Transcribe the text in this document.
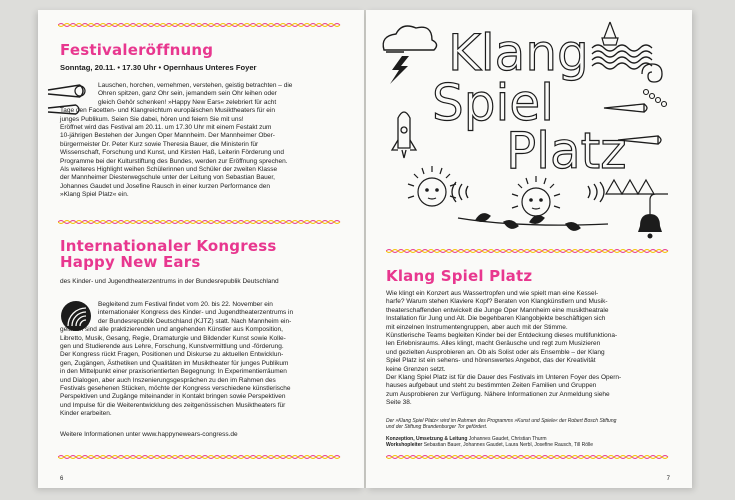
Festivaleröffnung

Sonntag, 20.11. • 17.30 Uhr • Opernhaus Unteres Foyer

Lauschen, horchen, vernehmen, verstehen, geistig betrachten – die

Ohren spitzen, ganz Ohr sein, jemandem sein Ohr leihen oder

gleich Gehör schenken! »Happy New Ears« zelebriert für acht

Tage den Facetten- und Klangreichtum europäischen Musiktheaters für ein

junges Publikum. Seien Sie dabei, hören und feiern Sie mit uns!

Eröffnet wird das Festival am 20.11. um 17.30 Uhr mit einem Festakt zum

10-jährigen Bestehen der Jungen Oper Mannheim. Der Mannheimer Ober-

bürgermeister Dr. Peter Kurz sowie Theresia Bauer, die Ministerin für

Wissenschaft, Forschung und Kunst, und Kirsten Haß, Leiterin Förderung und

Programme bei der Kulturstiftung des Bundes, werden zur Eröffnung sprechen.

Als weiteres Highlight weihen Schülerinnen und Schüler der zweiten Klasse

der Mannheimer Diesterwegschule unter der Leitung von Sebastian Bauer,

Johannes Gaudet und Josefine Rausch in einer kurzen Performance den

»Klang Spiel Platz« ein.

Internationaler Kongress
Happy New Ears

des Kinder- und Jugendtheaterzentrums in der Bundesrepublik Deutschland

Begleitend zum Festival findet vom 20. bis 22. November ein

internationaler Kongress des Kinder- und Jugendtheaterzentrums in

der Bundesrepublik Deutschland (KJTZ) statt. Nach Mannheim ein-

geladen sind alle praktizierenden und angehenden Künstler aus Komposition,

Libretto, Musik, Gesang, Regie, Dramaturgie und Bildender Kunst sowie Kolle-

gen und Studierende aus Lehre, Forschung, Kunstvermittlung und -förderung.

Der Kongress rückt Fragen, Positionen und Diskurse zu aktuellen Entwicklun-

gen, Zugängen, Ästhetiken und Qualitäten im Musiktheater für junges Publikum

in den Mittelpunkt einer praxisorientierten Begegnung: In Experimentierräumen

und Dialogen, aber auch Inszenierungsgesprächen zu den im Rahmen des

Festivals gesehenen Stücken, möchte der Kongress verschiedene künstlerische

Perspektiven und Zugänge miteinander in Kontakt bringen sowie Perspektiven

und Impulse für die Weiterentwicklung des zeitgenössischen Musiktheaters für

Kinder erarbeiten.

Weitere Informationen unter www.happynewears-congress.de

6
Klang
Spiel
Platz
Klang Spiel Platz

Wie klingt ein Konzert aus Wassertropfen und wie spielt man eine Kessel-

harfe? Warum stehen Klaviere Kopf? Beraten von Klangkünstlern und Musik-

theaterschaffenden entwickelt die Junge Oper Mannheim eine musiktheatrale

Installation für Jung und Alt. Die begehbaren Klangobjekte beschäftigen sich

mit einzelnen Instrumentengruppen, aber auch mit der Stimme.

Künstlerische Teams begleiten Kinder bei der Entdeckung dieses multifunktiona-

len Erlebnisraums. Alles klingt, macht Geräusche und regt zum Musizieren

und gezielten Ausprobieren an. Ob als Solist oder als Ensemble – der Klang

Spiel Platz ist ein sehens- und hörenswertes Angebot, das der Kreativität

keine Grenzen setzt.

Der Klang Spiel Platz ist für die Dauer des Festivals im Unteren Foyer des Opern-

hauses aufgebaut und steht zu bestimmten Zeiten Familien und Gruppen

zum Ausprobieren zur Verfügung. Nähere Informationen zur Anmeldung siehe

Seite 38.

Der »Klang Spiel Platz« wird im Rahmen des Programms »Kunst und Spiele« der Robert Bosch Stiftung

und der Stiftung Brandenburger Tor gefördert.

Konzeption, Umsetzung & Leitung Johannes Gaudet, Christian Thurm

Workshopleiter Sebastian Bauer, Johannes Gaudet, Laura Nerbl, Josefine Rausch, Till Rölle

7
